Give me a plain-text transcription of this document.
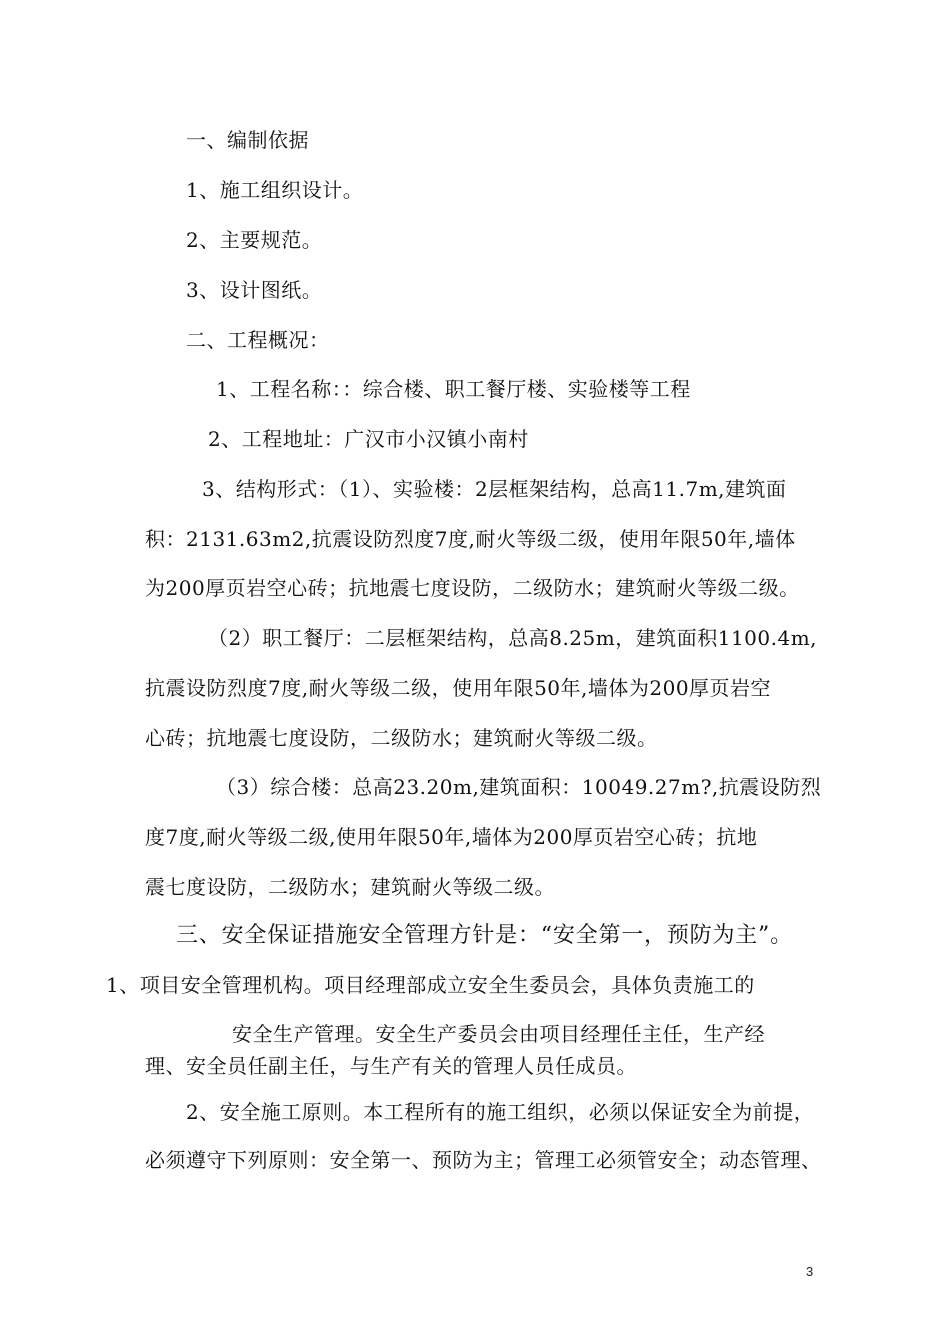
一、编制依据
1、施工组织设计。
2、主要规范。
3、设计图纸。
二、工程概况：
1、工程名称：：综合楼、职工餐厅楼、实验楼等工程
2、工程地址：广汉市小汉镇小南村
3、结构形式：（1）、实验楼：2层框架结构，总高11.7m,建筑面
积：2131.63m2,抗震设防烈度7度,耐火等级二级，使用年限50年,墙体
为200厚页岩空心砖；抗地震七度设防，二级防水；建筑耐火等级二级。
（2）职工餐厅：二层框架结构，总高8.25m，建筑面积1100.4m,
抗震设防烈度7度,耐火等级二级，使用年限50年,墙体为200厚页岩空
心砖；抗地震七度设防，二级防水；建筑耐火等级二级。
（3）综合楼：总高23.20m,建筑面积：10049.27m?,抗震设防烈
度7度,耐火等级二级,使用年限50年,墙体为200厚页岩空心砖；抗地
震七度设防，二级防水；建筑耐火等级二级。
三、安全保证措施安全管理方针是：“安全第一，预防为主”。
1、项目安全管理机构。项目经理部成立安全生委员会，具体负责施工的
安全生产管理。安全生产委员会由项目经理任主任，生产经
理、安全员任副主任，与生产有关的管理人员任成员。
2、安全施工原则。本工程所有的施工组织，必须以保证安全为前提，
必须遵守下列原则：安全第一、预防为主；管理工必须管安全；动态管理、
3
